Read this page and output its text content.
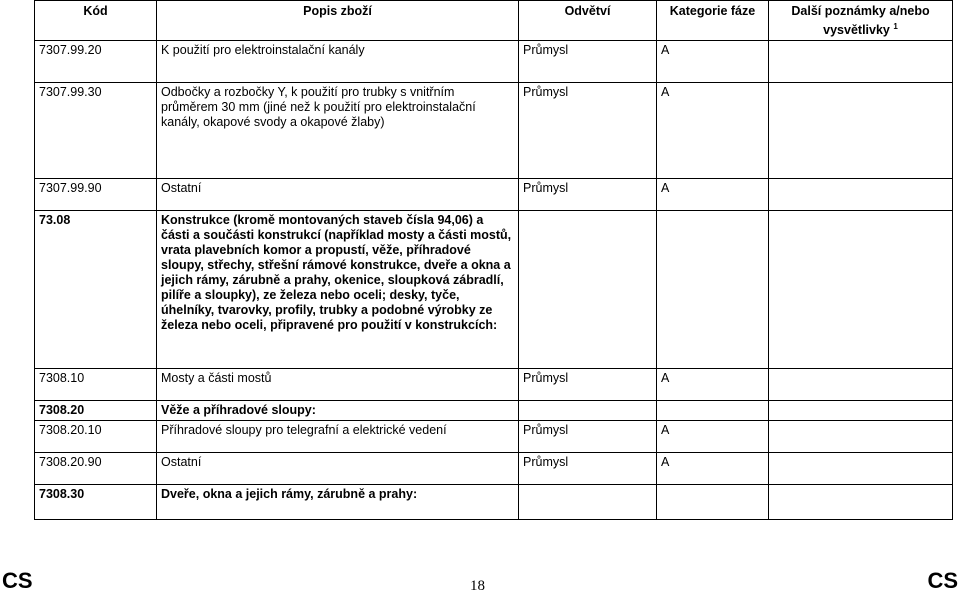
Kód	Popis zboží	Odvětví	Kategorie fáze	Další poznámky a/nebo vysvětlivky $^1$
7307.99.20	K použití pro elektroinstalační kanály	Průmysl	A	
7307.99.30	Odbočky a rozbočky Y, k použití pro trubky s vnitřním průměrem 30 mm (jiné než k použití pro elektroinstalační kanály, okapové svody a okapové žlaby)	Průmysl	A	
7307.99.90	Ostatní	Průmysl	A	
73.08	Konstrukce (kromě montovaných staveb čísla 94,06) a části a součásti konstrukcí (například mosty a části mostů, vrata plavebních komor a propustí, věže, příhradové sloupy, střechy, střešní rámové konstrukce, dveře a okna a jejich rámy, zárubně a prahy, okenice, sloupková zábradlí, pilíře a sloupky), ze železa nebo oceli; desky, tyče, úhelníky, tvarovky, profily, trubky a podobné výrobky ze železa nebo oceli, připravené pro použití v konstrukcích:			
7308.10	Mosty a části mostů	Průmysl	A	
7308.20	Věže a příhradové sloupy:			
7308.20.10	Příhradové sloupy pro telegrafní a elektrické vedení	Průmysl	A	
7308.20.90	Ostatní	Průmysl	A	
7308.30	Dveře, okna a jejich rámy, zárubně a prahy:			
CS	18	CS
